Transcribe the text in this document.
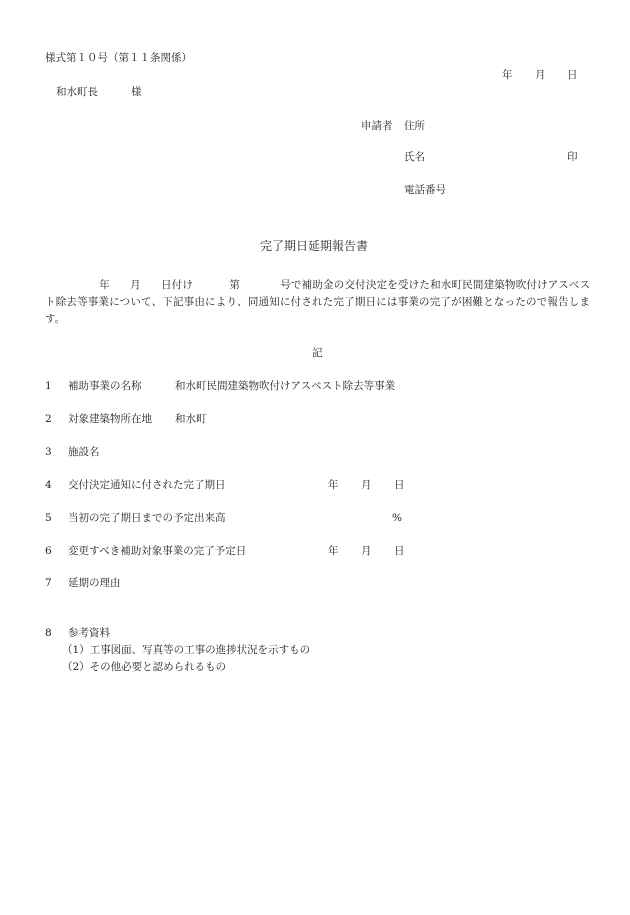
様式第１０号（第１１条関係）
年 月 日
和水町長	様
申請者 住所
氏名	印
電話番号
完了期日延期報告書
年 月 日付け	第	号で補助金の交付決定を受けた和水町民間建築物吹付けアスベスト除去等事業について、下記事由により、同通知に付された完了期日には事業の完了が困難となったので報告します。
記
1 補助事業の名称	和水町民間建築物吹付けアスベスト除去等事業
2 対象建築物所在地 和水町
3 施設名
4 交付決定通知に付された完了期日	年 月 日
5 当初の完了期日までの予定出来高	%
6 変更すべき補助対象事業の完了予定日	年 月 日
7 延期の理由
8 参考資料
（1）工事図面、写真等の工事の進捗状況を示すもの
（2）その他必要と認められるもの
